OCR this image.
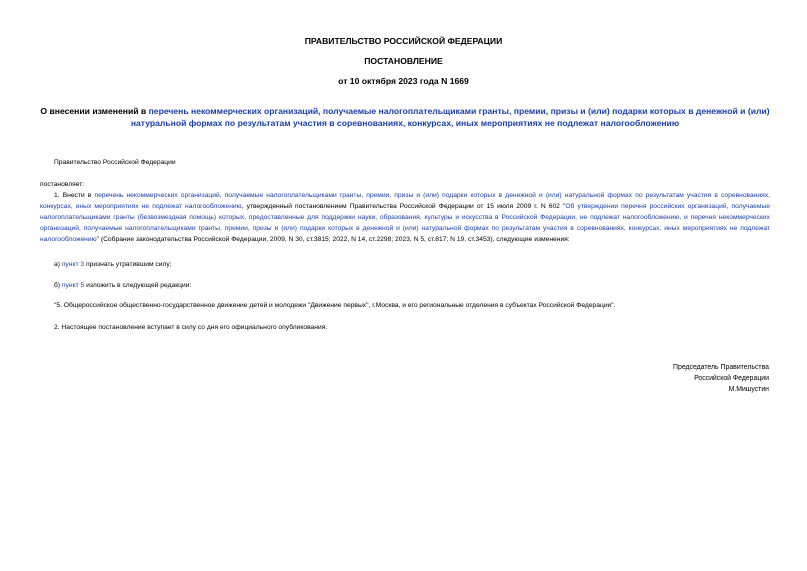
ПРАВИТЕЛЬСТВО РОССИЙСКОЙ ФЕДЕРАЦИИ
ПОСТАНОВЛЕНИЕ
от 10 октября 2023 года N 1669
О внесении изменений в перечень некоммерческих организаций, получаемые налогоплательщиками гранты, премии, призы и (или) подарки которых в денежной и (или) натуральной формах по результатам участия в соревнованиях, конкурсах, иных мероприятиях не подлежат налогообложению
Правительство Российской Федерации
постановляет:
1. Внести в перечень некоммерческих организаций, получаемые налогоплательщиками гранты, премии, призы и (или) подарки которых в денежной и (или) натуральной формах по результатам участия в соревнованиях, конкурсах, иных мероприятиях не подлежат налогообложению, утвержденный постановлением Правительства Российской Федерации от 15 июля 2009 г. N 602 "Об утверждении перечня российских организаций, получаемые налогоплательщиками гранты (безвозмездная помощь) которых, предоставленные для поддержки науки, образования, культуры и искусства в Российской Федерации, не подлежат налогообложению, и перечня некоммерческих организаций, получаемые налогоплательщиками гранты, премии, призы и (или) подарки которых в денежной и (или) натуральной формах по результатам участия в соревнованиях, конкурсах, иных мероприятиях не подлежат налогообложению" (Собрание законодательства Российской Федерации, 2009, N 30, ст.3815; 2022, N 14, ст.2298; 2023, N 5, ст.817; N 19, ст.3453), следующие изменения:
а) пункт 3 признать утратившим силу;
б) пункт 5 изложить в следующей редакции:
"5. Общероссийское общественно-государственное движение детей и молодежи "Движение первых", г.Москва, и его региональные отделения в субъектах Российской Федерации".
2. Настоящее постановление вступает в силу со дня его официального опубликования.
Председатель Правительства
Российской Федерации
М.Мишустин
